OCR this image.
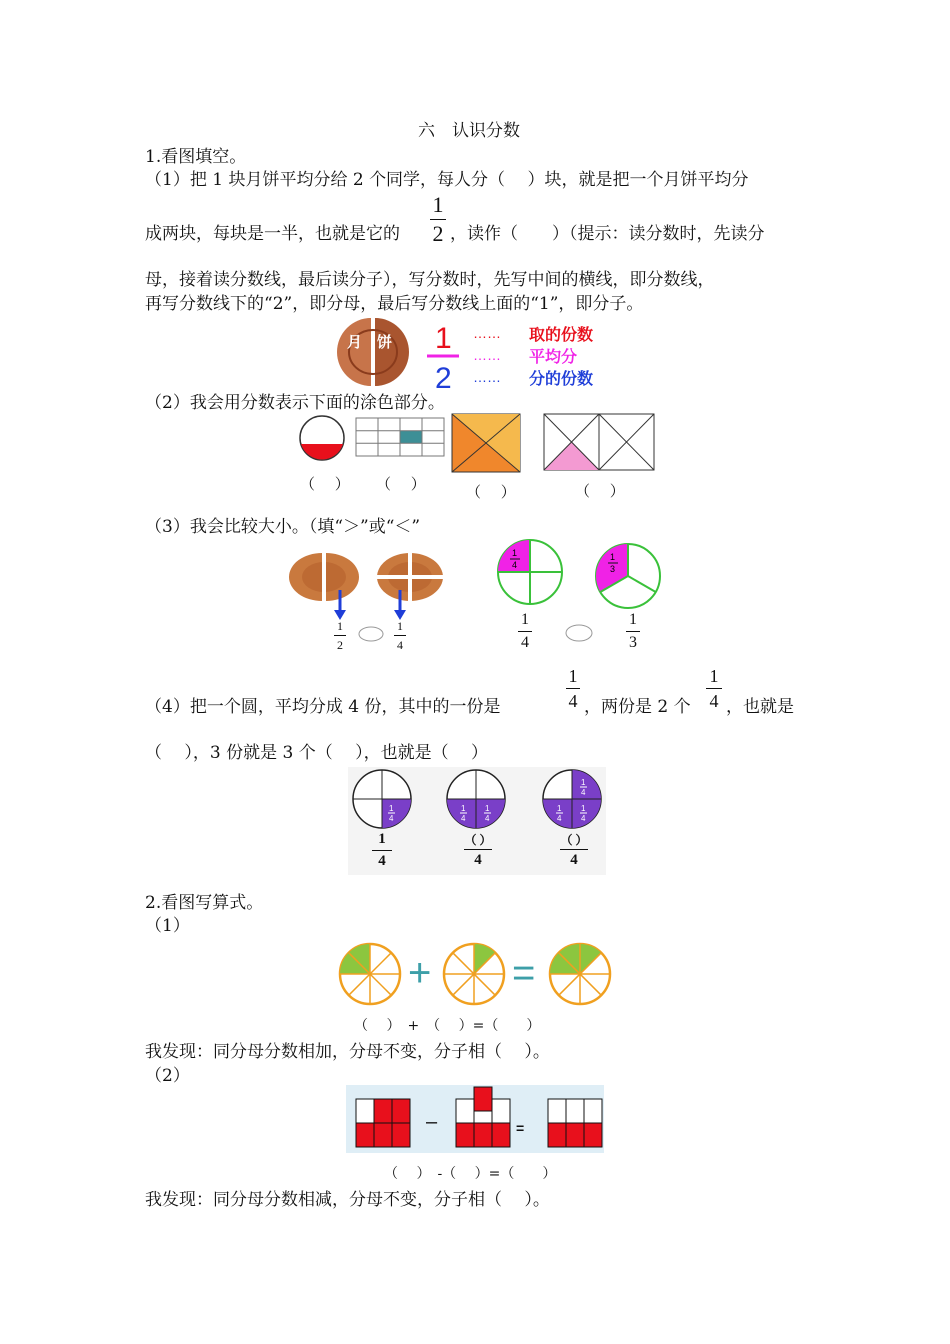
六　认识分数
1.看图填空。
（1）把 1 块月饼平均分给 2 个同学，每人分（　 ）块，就是把一个月饼平均分
成两块，每块是一半，也就是它的
1
2 ，读作（　　）（提示：读分数时，先读分
母，接着读分数线，最后读分子），写分数时，先写中间的横线，即分数线，
再写分数线下的“2”，即分母，最后写分数线上面的“1”，即分子。
月 饼 1
2
……
……
……
取的份数
平均分
分的份数
（2）我会用分数表示下面的涂色部分。
（　 ） （　 ）	（　 ）	（　 ）
（3）我会比较大小。（填“＞”或“＜”
1
2
1
4
1
4
1
3
1
4
1
3
（4）把一个圆，平均分成 4 份，其中的一份是
1
4 ，两份是 2 个
1
4 ，也就是
（　 ），3 份就是 3 个（　 ），也就是（　 ）
1
4
1
4
1
4
1
4
1
4
1
4
1
4
（ ）
4
（ ）
4
2.看图写算式。
（1）
+ =
（　 ）　+　（　 ）=（　　）
我发现：同分母分数相加，分母不变，分子相（　 ）。
（2）
–	=
（　 ）　-（　 ）=（　　）
我发现：同分母分数相减，分母不变，分子相（　 ）。
